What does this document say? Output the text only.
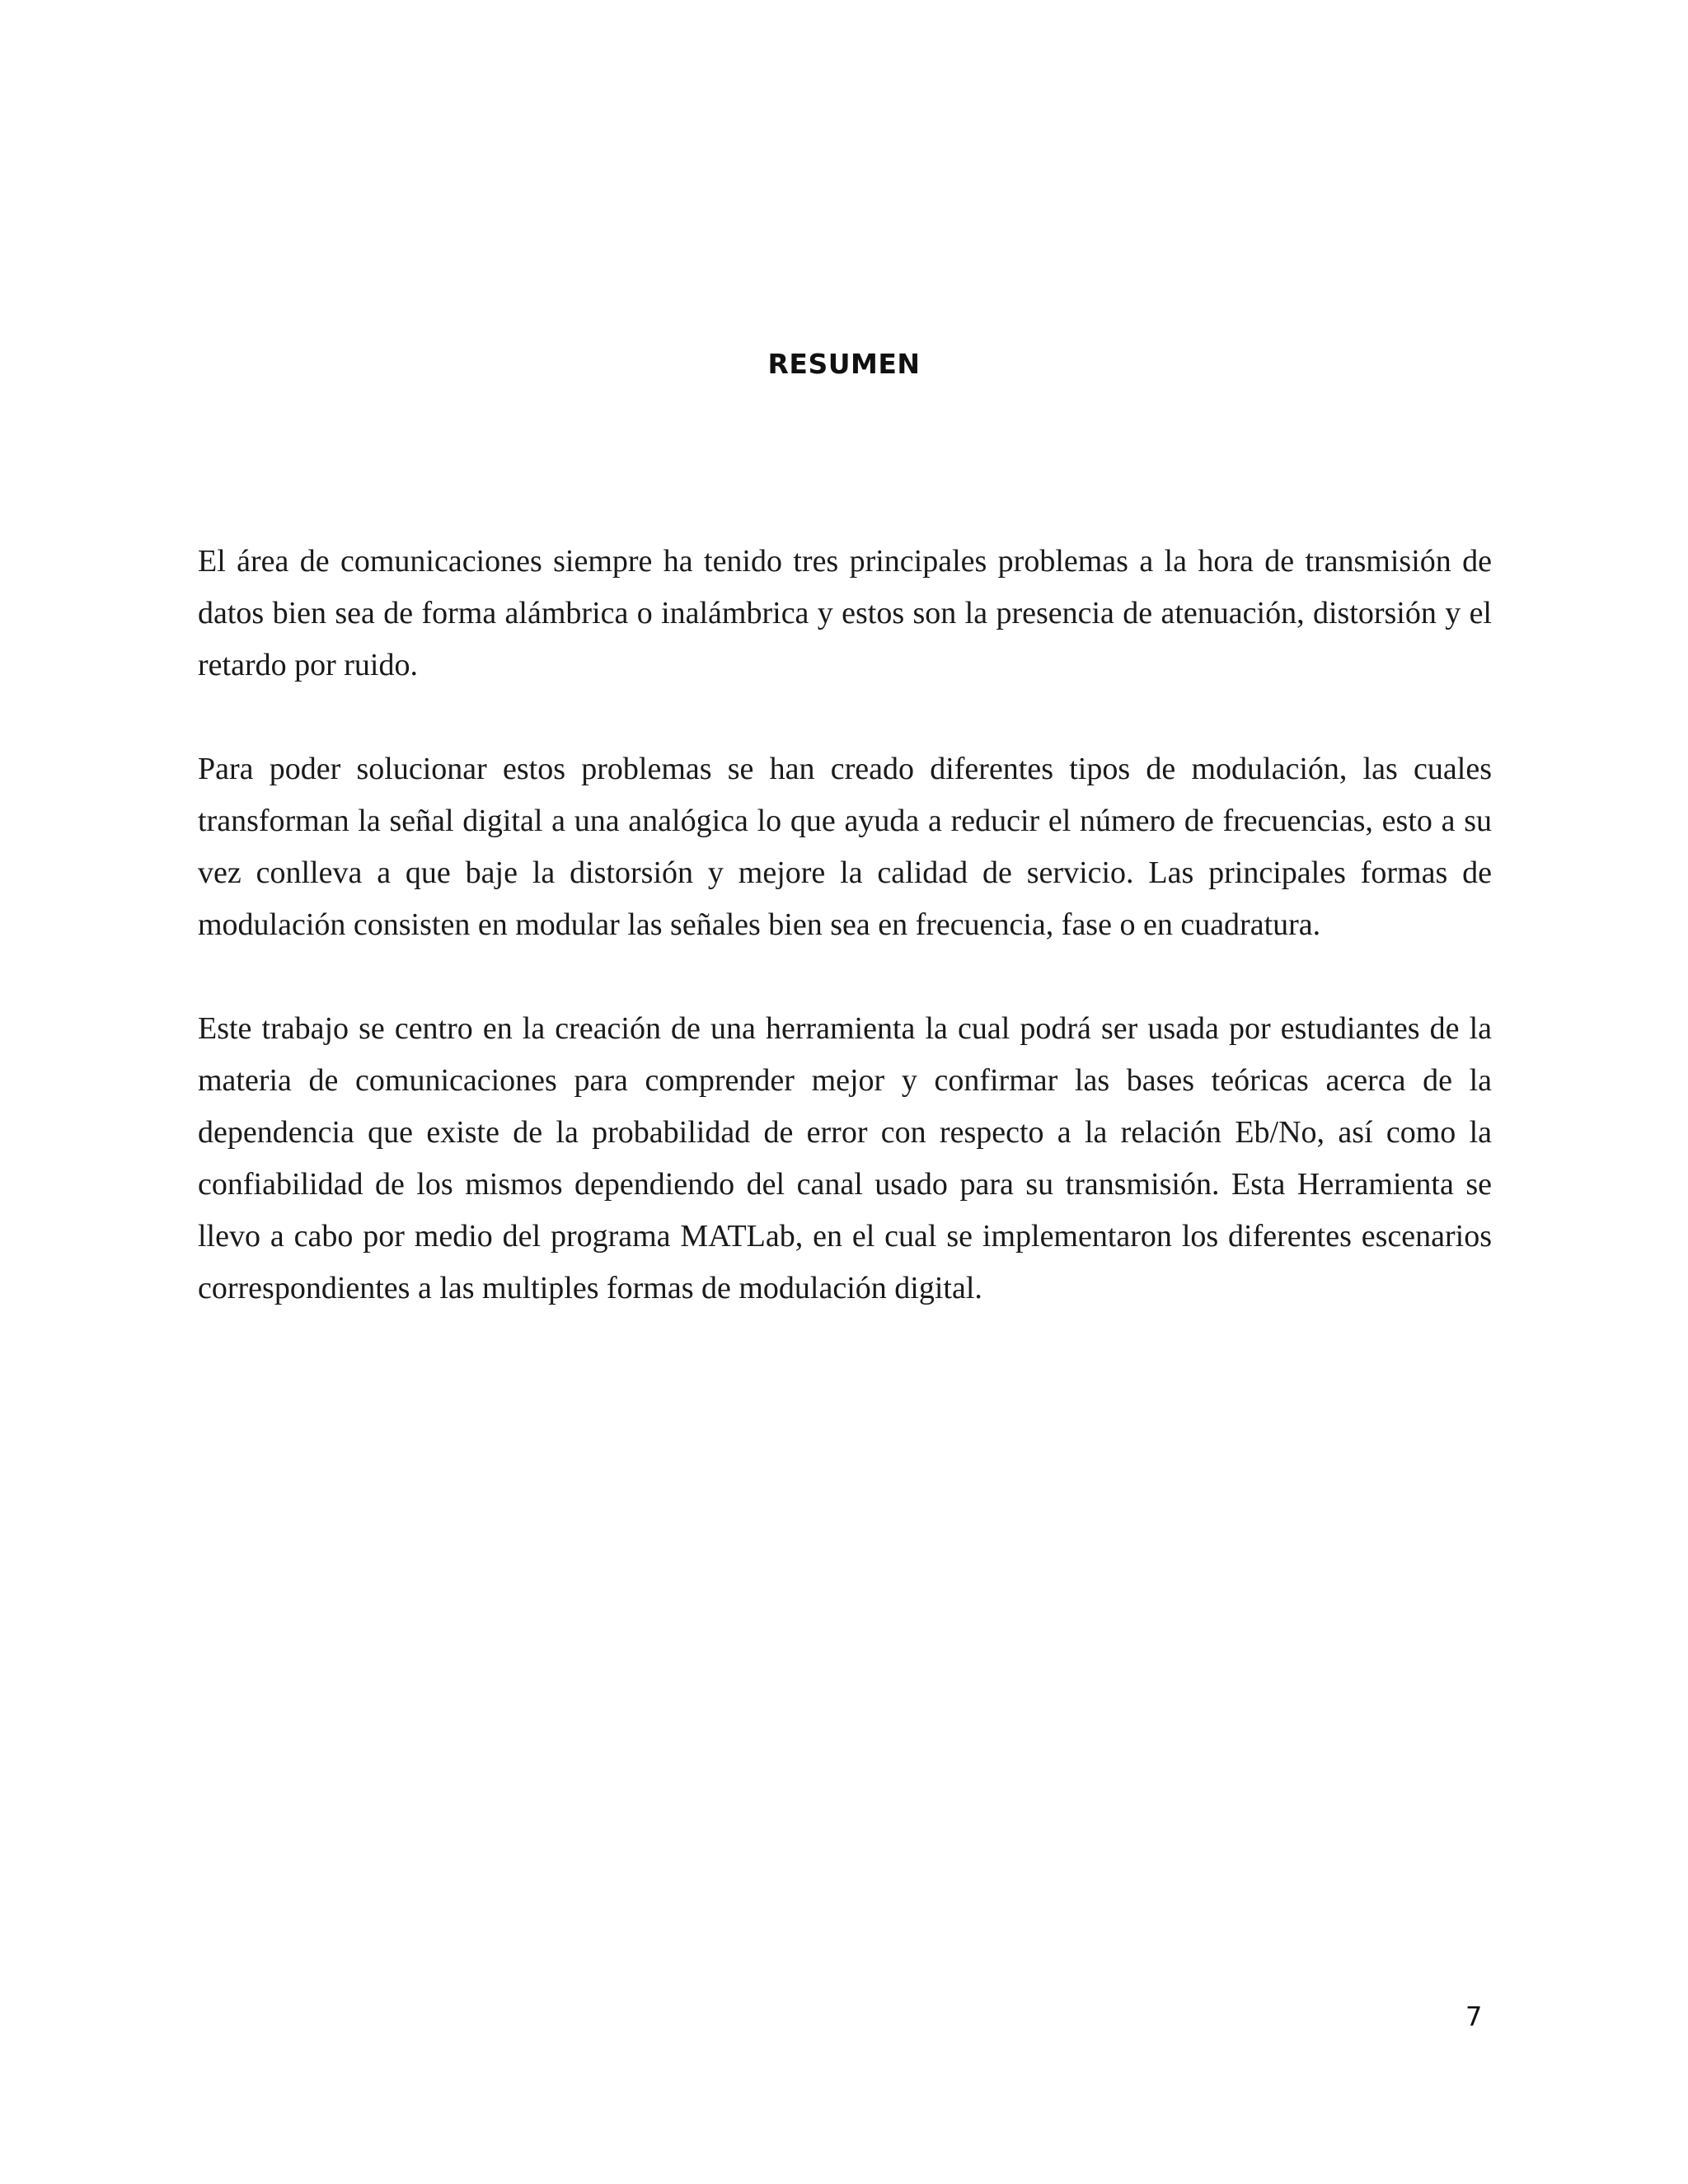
RESUMEN

El área de comunicaciones siempre ha tenido tres principales problemas a la hora de transmisión de datos bien sea de forma alámbrica o inalámbrica y estos son la presencia de atenuación, distorsión y el retardo por ruido.

Para poder solucionar estos problemas se han creado diferentes tipos de modulación, las cuales transforman la señal digital a una analógica lo que ayuda a reducir el número de frecuencias, esto a su vez conlleva a que baje la distorsión y mejore la calidad de servicio. Las principales formas de modulación consisten en modular las señales bien sea en frecuencia, fase o en cuadratura.

Este trabajo se centro en la creación de una herramienta la cual podrá ser usada por estudiantes de la materia de comunicaciones para comprender mejor y confirmar las bases teóricas acerca de la dependencia que existe de la probabilidad de error con respecto a la relación Eb/No, así como la confiabilidad de los mismos dependiendo del canal usado para su transmisión. Esta Herramienta se llevo a cabo por medio del programa MATLab, en el cual se implementaron los diferentes escenarios correspondientes a las multiples formas de modulación digital.

7
